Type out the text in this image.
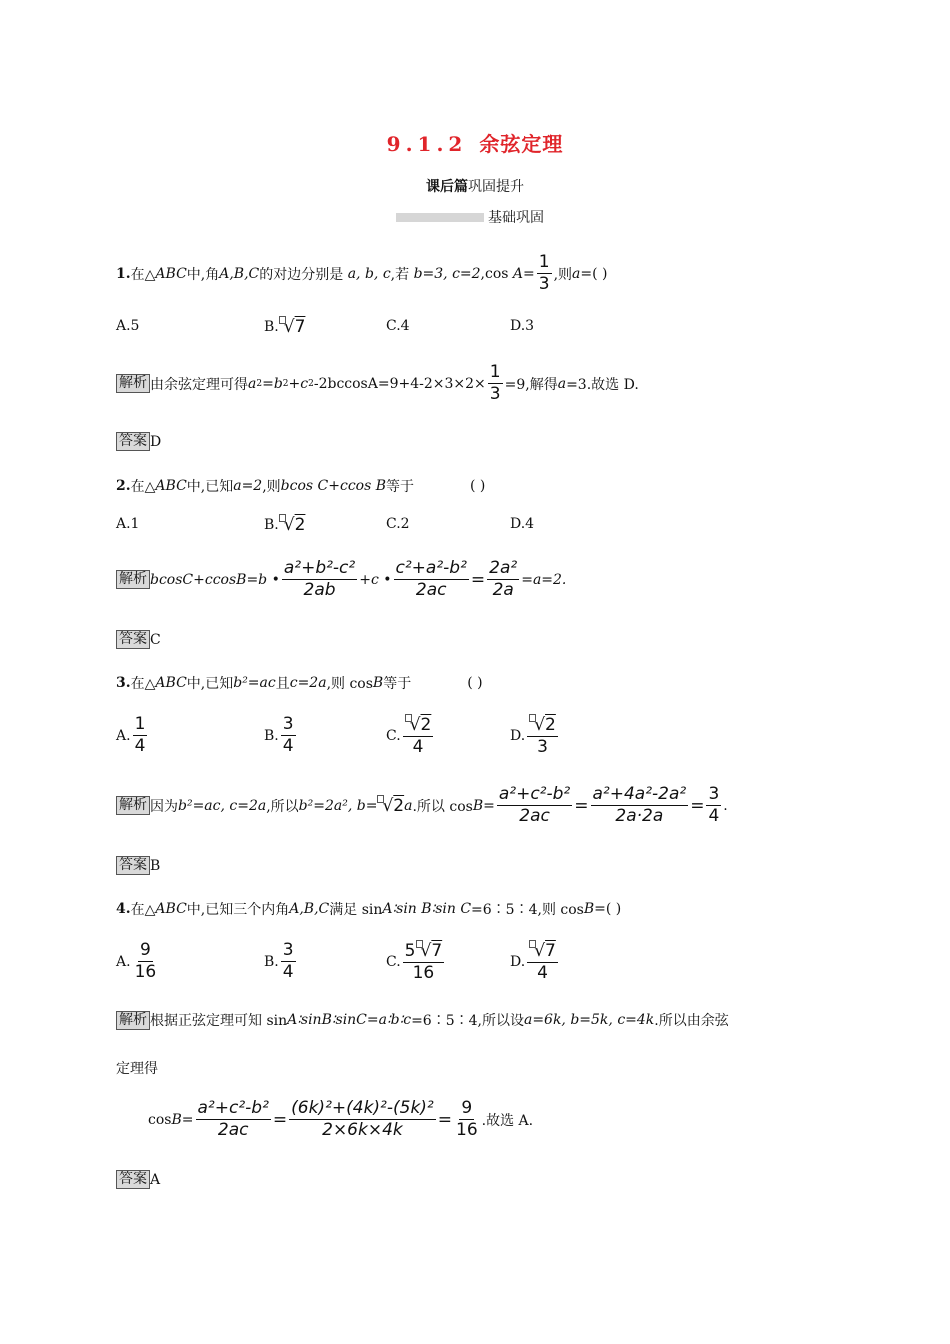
9.1.2 余弦定理
课后篇巩固提升
基础巩固
1. 在△ ABC 中,角 A,B,C 的对边分别是
a, b, c ,若
b=3, c=2 ,cos
$A= \frac{1}{3}$ ,则 a =( )
A.5	B. √7	C.4	D.3
解析 由余弦定理可得 a 2 =b 2 +c 2 $-2bccosA=9+4-2\times 3\times 2\times \frac{1}{3} =9$,解得 a =3.故选 D.
答案 D
2. 在△ ABC 中,已知 a=2 ,则 bcos C+ccos B 等于	( )
A.1	B. √2	C.2	D.4
解析 bcosC+ccosB=b • $\frac{\text{a²+b²-c²}}{2ab} +c$ • $\frac{\text{c²+a²-b²}}{2ac} = \frac{\text{2a²}}{2a} =a=2$.
答案 C
3. 在△ ABC 中,已知 b²=ac 且 c=2a ,则 cos B 等于	( )
A. $\frac{1}{4}$	B. $\frac{3}{4}$	C. $\frac{√2}{4}$	D. $\frac{√2}{3}$
解析 因为 b²=ac, c=2a ,所以 b²=2a², b= √2 a .所以 $\cos B= \frac{\text{a²+c²-b²}}{2ac} = \frac{\text{a²+4a²-2a²}}{2a\cdot 2a} = \frac{3}{4}$ .
答案 B
4. 在△ ABC 中,已知三个内角 A,B,C 满足 sin A∶sin B∶sin C =6∶5∶4,则 cos B =( )
A. $\frac{9}{16}$	B. $\frac{3}{4}$	C. $\frac{5 √7}{16}$	D. $\frac{√7}{4}$
解析 根据正弦定理可知 sin A∶sinB∶sinC=a∶b∶c =6∶5∶4,所以设 a=6k, b=5k, c=4k .所以由余弦
定理得
$\cos B= \frac{\text{a²+c²-b²}}{2ac} = \frac{\text{(6k)²+(4k)²-(5k)²}}{2\times 6k\times 4k} = \frac{9}{16}$ .故选 A.
答案 A
